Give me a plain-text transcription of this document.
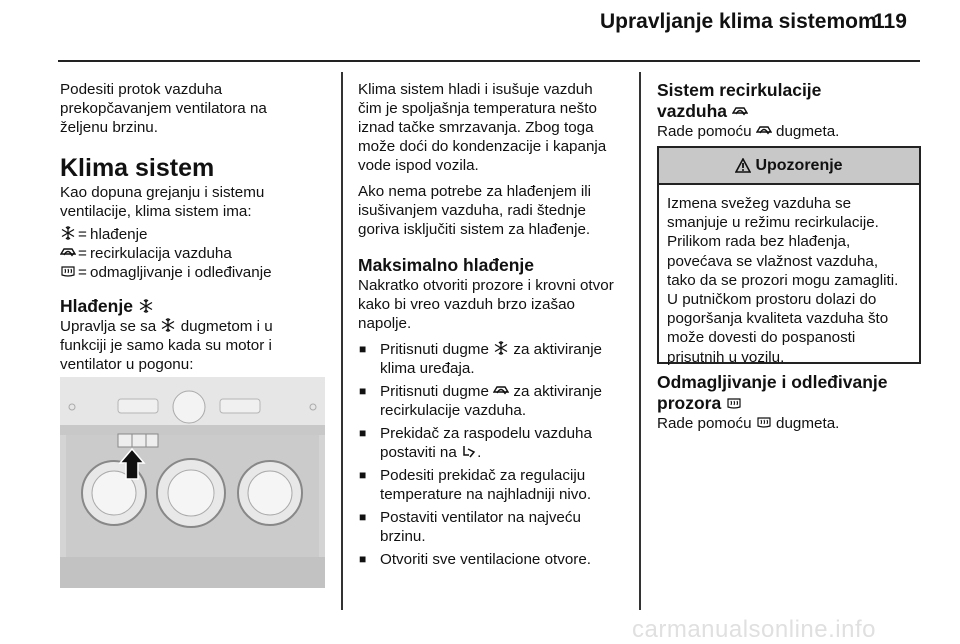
Upravljanje klima sistemom
119

Podesiti protok vazduha

prekopčavanjem ventilatora na

željenu brzinu.

Klima sistem

Kao dopuna grejanju i sistemu

ventilacije, klima sistem ima:

= hlađenje
= recirkulacija vazduha
= odmagljivanje i odleđivanje

Hlađenje

Upravlja se sa dugmetom i u

funkciji je samo kada su motor i

ventilator u pogonu:

Klima sistem hladi i isušuje vazduh

čim je spoljašnja temperatura nešto

iznad tačke smrzavanja. Zbog toga

može doći do kondenzacije i kapanja

vode ispod vozila.

Ako nema potrebe za hlađenjem ili

isušivanjem vazduha, radi štednje

goriva isključiti sistem za hlađenje.

Maksimalno hlađenje

Nakratko otvoriti prozore i krovni otvor

kako bi vreo vazduh brzo izašao

napolje.

■ Pritisnuti dugme za aktiviranje
klima uređaja.
■ Pritisnuti dugme za aktiviranje
recirkulacije vazduha.
■ Prekidač za raspodelu vazduha
postaviti na .
■ Podesiti prekidač za regulaciju
temperature na najhladniji nivo.
■ Postaviti ventilator na najveću
brzinu.
■ Otvoriti sve ventilacione otvore.

Sistem recirkulacije

vazduha

Rade pomoću dugmeta.

Upozorenje
Izmena svežeg vazduha se
smanjuje u režimu recirkulacije.
Prilikom rada bez hlađenja,
povećava se vlažnost vazduha,
tako da se prozori mogu zamagliti.
U putničkom prostoru dolazi do
pogoršanja kvaliteta vazduha što
može dovesti do pospanosti
prisutnih u vozilu.

Odmagljivanje i odleđivanje

prozora

Rade pomoću dugmeta.

carmanualsonline.info
